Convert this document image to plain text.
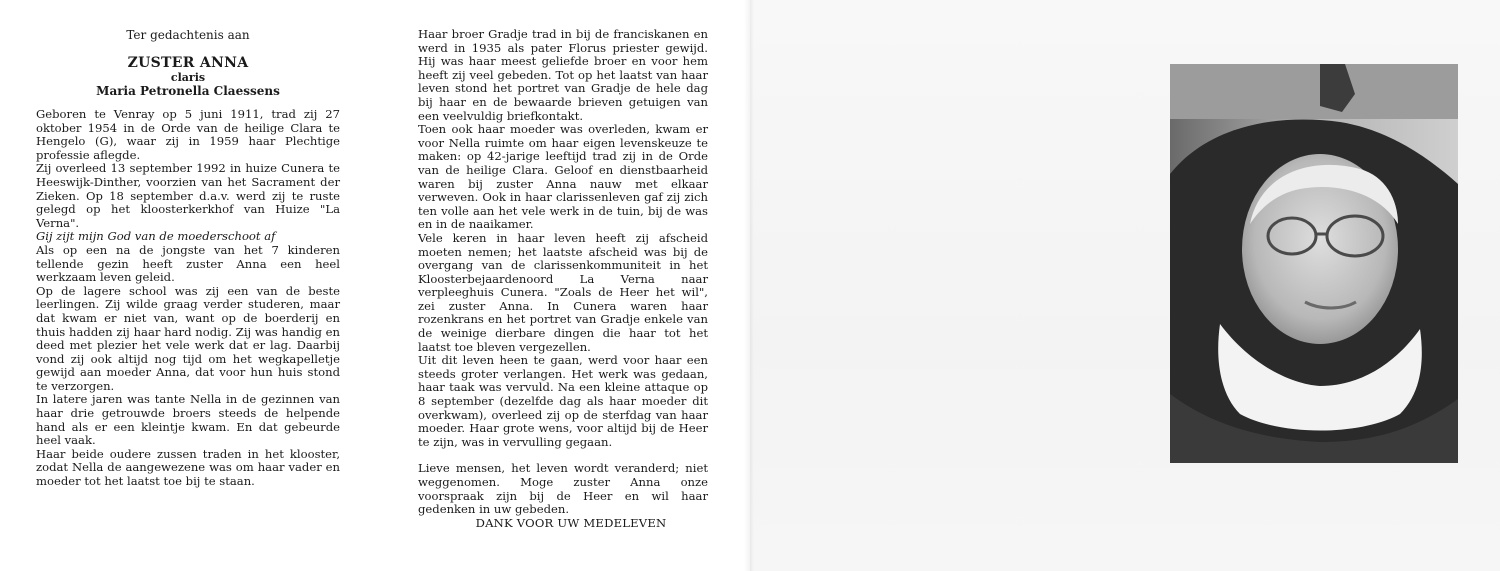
Ter gedachtenis aan
ZUSTER ANNA
claris
Maria Petronella Claessens

Geboren te Venray op 5 juni 1911, trad zij 27 oktober 1954 in de Orde van de heilige Clara te Hengelo (G), waar zij in 1959 haar Plechtige professie aflegde.

Zij overleed 13 september 1992 in huize Cunera te Heeswijk-Dinther, voorzien van het Sacrament der Zieken. Op 18 september d.a.v. werd zij te ruste gelegd op het kloosterkerkhof van Huize "La Verna".

Gij zijt mijn God van de moederschoot af

Als op een na de jongste van het 7 kinderen tellende gezin heeft zuster Anna een heel werkzaam leven geleid.

Op de lagere school was zij een van de beste leerlingen. Zij wilde graag verder studeren, maar dat kwam er niet van, want op de boerderij en thuis hadden zij haar hard nodig. Zij was handig en deed met plezier het vele werk dat er lag. Daarbij vond zij ook altijd nog tijd om het wegkapelletje gewijd aan moeder Anna, dat voor hun huis stond te verzorgen.

In latere jaren was tante Nella in de gezinnen van haar drie getrouwde broers steeds de helpende hand als er een kleintje kwam. En dat gebeurde heel vaak.

Haar beide oudere zussen traden in het klooster, zodat Nella de aangewezene was om haar vader en moeder tot het laatst toe bij te staan.

Haar broer Gradje trad in bij de franciskanen en werd in 1935 als pater Florus priester gewijd. Hij was haar meest geliefde broer en voor hem heeft zij veel gebeden. Tot op het laatst van haar leven stond het portret van Gradje de hele dag bij haar en de bewaarde brieven getuigen van een veelvuldig briefkontakt.

Toen ook haar moeder was overleden, kwam er voor Nella ruimte om haar eigen levenskeuze te maken: op 42-jarige leeftijd trad zij in de Orde van de heilige Clara. Geloof en dienstbaarheid waren bij zuster Anna nauw met elkaar verweven. Ook in haar clarissenleven gaf zij zich ten volle aan het vele werk in de tuin, bij de was en in de naaikamer.

Vele keren in haar leven heeft zij afscheid moeten nemen; het laatste afscheid was bij de overgang van de clarissenkommuniteit in het Kloosterbejaardenoord La Verna naar verpleeghuis Cunera. "Zoals de Heer het wil", zei zuster Anna. In Cunera waren haar rozenkrans en het portret van Gradje enkele van de weinige dierbare dingen die haar tot het laatst toe bleven vergezellen.

Uit dit leven heen te gaan, werd voor haar een steeds groter verlangen. Het werk was gedaan, haar taak was vervuld. Na een kleine attaque op 8 september (dezelfde dag als haar moeder dit overkwam), overleed zij op de sterfdag van haar moeder. Haar grote wens, voor altijd bij de Heer te zijn, was in vervulling gegaan.

Lieve mensen, het leven wordt veranderd; niet weggenomen. Moge zuster Anna onze voorspraak zijn bij de Heer en wil haar gedenken in uw gebeden.

DANK VOOR UW MEDELEVEN
